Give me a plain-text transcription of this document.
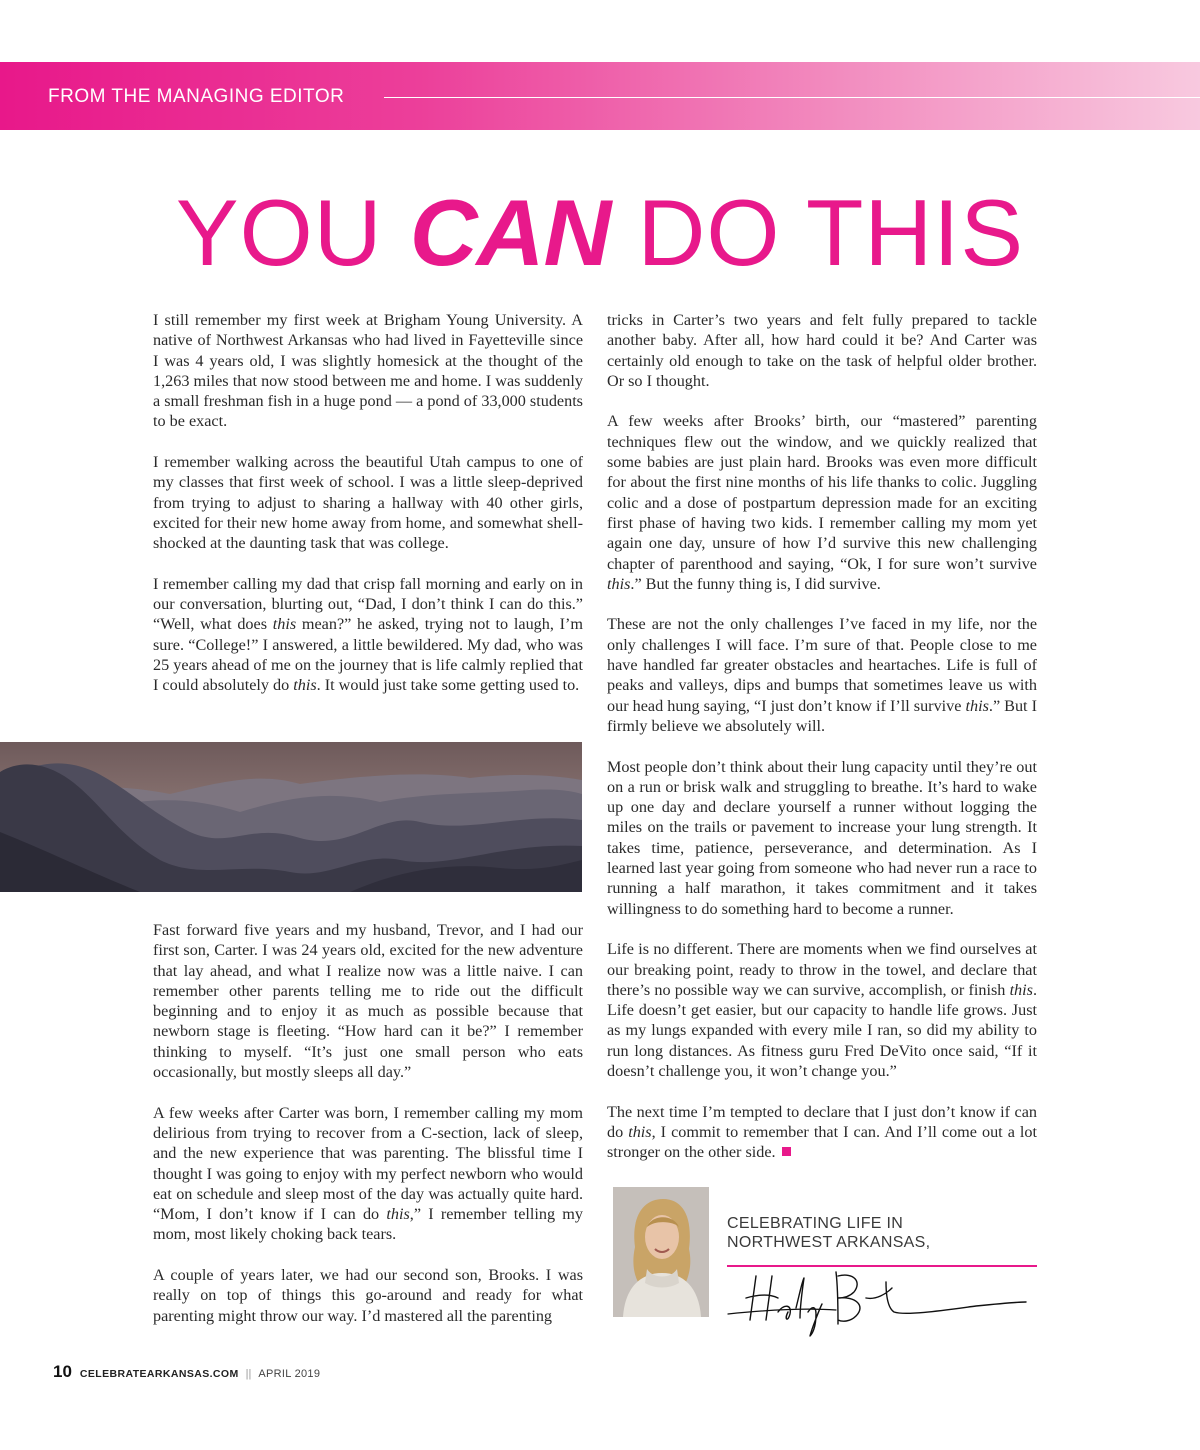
FROM THE MANAGING EDITOR
YOU CAN DO THIS

I still remember my first week at Brigham Young University. A native of Northwest Arkansas who had lived in Fayetteville since I was 4 years old, I was slightly homesick at the thought of the 1,263 miles that now stood between me and home. I was suddenly a small freshman fish in a huge pond — a pond of 33,000 students to be exact.

I remember walking across the beautiful Utah campus to one of my classes that first week of school. I was a little sleep-deprived from trying to adjust to sharing a hallway with 40 other girls, excited for their new home away from home, and somewhat shell-shocked at the daunting task that was college.

I remember calling my dad that crisp fall morning and early on in our conversation, blurting out, “Dad, I don’t think I can do this.” “Well, what does this mean?” he asked, trying not to laugh, I’m sure. “College!” I answered, a little bewildered. My dad, who was 25 years ahead of me on the journey that is life calmly replied that I could absolutely do this. It would just take some getting used to.

Fast forward five years and my husband, Trevor, and I had our first son, Carter. I was 24 years old, excited for the new adventure that lay ahead, and what I realize now was a little naive. I can remember other parents telling me to ride out the difficult beginning and to enjoy it as much as possible because that newborn stage is fleeting. “How hard can it be?” I remember thinking to myself. “It’s just one small person who eats occasionally, but mostly sleeps all day.”

A few weeks after Carter was born, I remember calling my mom delirious from trying to recover from a C-section, lack of sleep, and the new experience that was parenting. The blissful time I thought I was going to enjoy with my perfect newborn who would eat on schedule and sleep most of the day was actually quite hard. “Mom, I don’t know if I can do this,” I remember telling my mom, most likely choking back tears.

A couple of years later, we had our second son, Brooks. I was really on top of things this go-around and ready for what parenting might throw our way. I’d mastered all the parenting

tricks in Carter’s two years and felt fully prepared to tackle another baby. After all, how hard could it be? And Carter was certainly old enough to take on the task of helpful older brother. Or so I thought.

A few weeks after Brooks’ birth, our “mastered” parenting techniques flew out the window, and we quickly realized that some babies are just plain hard. Brooks was even more difficult for about the first nine months of his life thanks to colic. Juggling colic and a dose of postpartum depression made for an exciting first phase of having two kids. I remember calling my mom yet again one day, unsure of how I’d survive this new challenging chapter of parenthood and saying, “Ok, I for sure won’t survive this.” But the funny thing is, I did survive.

These are not the only challenges I’ve faced in my life, nor the only challenges I will face. I’m sure of that. People close to me have handled far greater obstacles and heartaches. Life is full of peaks and valleys, dips and bumps that sometimes leave us with our head hung saying, “I just don’t know if I’ll survive this.” But I firmly believe we absolutely will.

Most people don’t think about their lung capacity until they’re out on a run or brisk walk and struggling to breathe. It’s hard to wake up one day and declare yourself a runner without logging the miles on the trails or pavement to increase your lung strength. It takes time, patience, perseverance, and determination. As I learned last year going from someone who had never run a race to running a half marathon, it takes commitment and it takes willingness to do something hard to become a runner.

Life is no different. There are moments when we find ourselves at our breaking point, ready to throw in the towel, and declare that there’s no possible way we can survive, accomplish, or finish this. Life doesn’t get easier, but our capacity to handle life grows. Just as my lungs expanded with every mile I ran, so did my ability to run long distances. As fitness guru Fred DeVito once said, “If it doesn’t challenge you, it won’t change you.”

The next time I’m tempted to declare that I just don’t know if can do this, I commit to remember that I can. And I’ll come out a lot stronger on the other side.

CELEBRATING LIFE IN
NORTHWEST ARKANSAS,
10 CELEBRATEARKANSAS.COM || APRIL 2019
